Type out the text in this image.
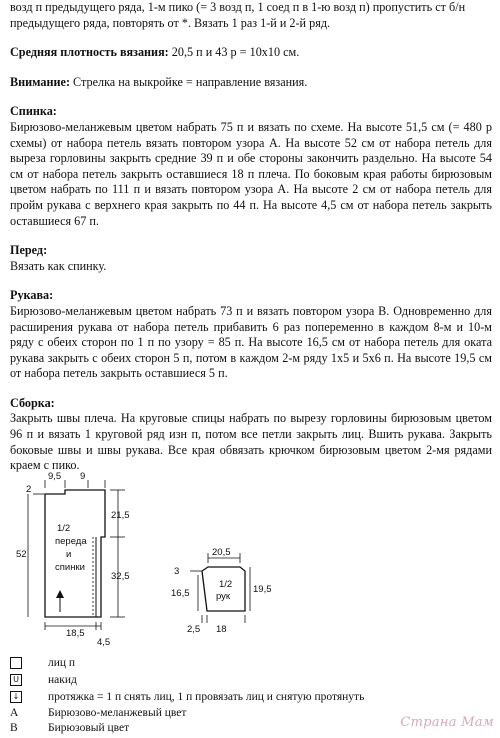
возд п предыдущего ряда, 1-м пико (= 3 возд п, 1 соед п в 1-ю возд п) пропустить ст б/н

предыдущего ряда, повторять от *. Вязать 1 раз 1-й и 2-й ряд.

Средняя плотность вязания: 20,5 п и 43 р = 10х10 см.

Внимание: Стрелка на выкройке = направление вязания.

Спинка:

Бирюзово-меланжевым цветом набрать 75 п и вязать по схеме. На высоте 51,5 см (= 480 р схемы) от набора петель вязать повтором узора А. На высоте 52 см от набора петель для выреза горловины закрыть средние 39 п и обе стороны закончить раздельно. На высоте 54 см от набора петель закрыть оставшиеся 18 п плеча. По боковым края работы бирюзовым цветом набрать по 111 п и вязать повтором узора А. На высоте 2 см от набора петель для пройм рукава с верхнего края закрыть по 44 п. На высоте 4,5 см от набора петель закрыть оставшиеся 67 п.

Перед:

Вязать как спинку.

Рукава:

Бирюзово-меланжевым цветом набрать 73 п и вязать повтором узора В. Одновременно для расширения рукава от набора петель прибавить 6 раз попеременно в каждом 8-м и 10-м ряду с обеих сторон по 1 п по узору = 85 п. На высоте 16,5 см от набора петель для оката рукава закрыть с обеих сторон 5 п, потом в каждом 2-м ряду 1х5 и 5х6 п. На высоте 19,5 см от набора петель закрыть оставшиеся 5 п.

Сборка:

Закрыть швы плеча. На круговые спицы набрать по вырезу горловины бирюзовым цветом 96 п и вязать 1 круговой ряд изн п, потом все петли закрыть лиц. Вшить рукава. Закрыть боковые швы и швы рукава. Все края обвязать крючком бирюзовым цветом 2-мя рядами краем с пико.

2
9,5 9
21,5
52
32,5
18,5
4,5
1/2
переда
и
спинки
20,5
3
16,5	19,5
2,5 18
1/2
рук
лиц п
U	накид
↓ протяжка = 1 п снять лиц, 1 п провязать лиц и снятую протянуть
A	Бирюзово-меланжевый цвет
B	Бирюзовый цвет	Страна Мам
